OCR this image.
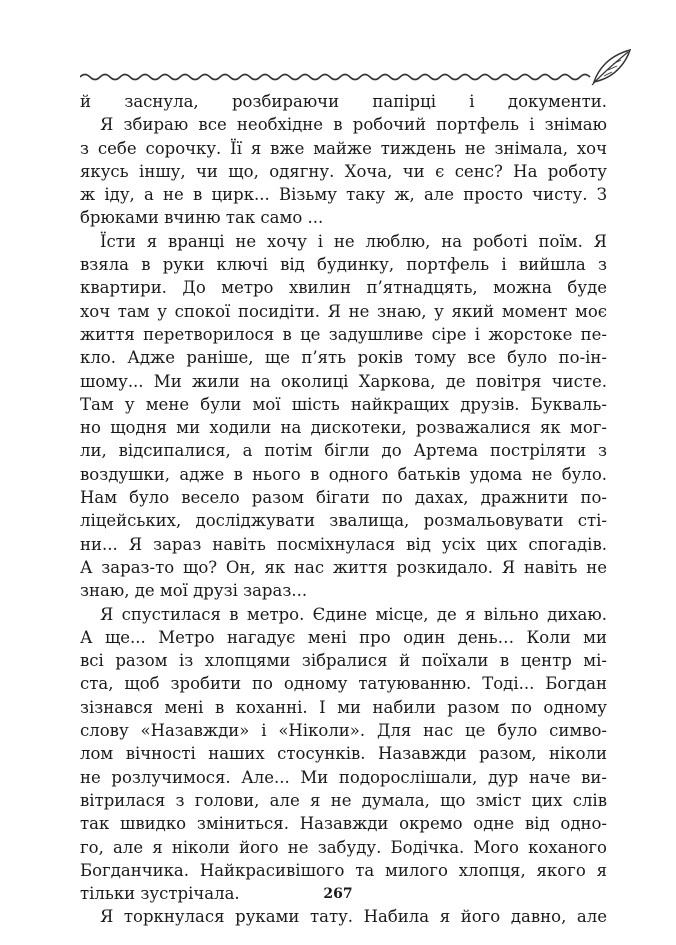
й заснула, розбираючи папірці і документи.
Я збираю все необхідне в робочий портфель і знімаю
з себе сорочку. Її я вже майже тиждень не знімала, хоч
якусь іншу, чи що, одягну. Хоча, чи є сенс? На роботу
ж іду, а не в цирк... Візьму таку ж, але просто чисту. З
брюками вчиню так само ...
Їсти я вранці не хочу і не люблю, на роботі поїм. Я
взяла в руки ключі від будинку, портфель і вийшла з
квартири. До метро хвилин п’ятнадцять, можна буде
хоч там у спокої посидіти. Я не знаю, у який момент моє
життя перетворилося в це задушливе сіре і жорстоке пе-
кло. Адже раніше, ще п’ять років тому все було по-ін-
шому... Ми жили на околиці Харкова, де повітря чисте.
Там у мене були мої шість найкращих друзів. Букваль-
но щодня ми ходили на дискотеки, розважалися як мог-
ли, відсипалися, а потім бігли до Артема постріляти з
воздушки, адже в нього в одного батьків удома не було.
Нам було весело разом бігати по дахах, дражнити по-
ліцейських, досліджувати звалища, розмальовувати сті-
ни... Я зараз навіть посміхнулася від усіх цих спогадів.
А зараз-то що? Он, як нас життя розкидало. Я навіть не
знаю, де мої друзі зараз...
Я спустилася в метро. Єдине місце, де я вільно дихаю.
А ще... Метро нагадує мені про один день… Коли ми
всі разом із хлопцями зібралися й поїхали в центр мі-
ста, щоб зробити по одному татуюванню. Тоді... Богдан
зізнався мені в коханні. І ми набили разом по одному
слову «Назавжди» і «Ніколи». Для нас це було симво-
лом вічності наших стосунків. Назавжди разом, ніколи
не розлучимося. Але... Ми подорослішали, дур наче ви-
вітрилася з голови, але я не думала, що зміст цих слів
так швидко зміниться. Назавжди окремо одне від одно-
го, але я ніколи його не забуду. Бодічка. Мого коханого
Богданчика. Найкрасивішого та милого хлопця, якого я
тільки зустрічала.
Я торкнулася руками тату. Набила я його давно, але
267
